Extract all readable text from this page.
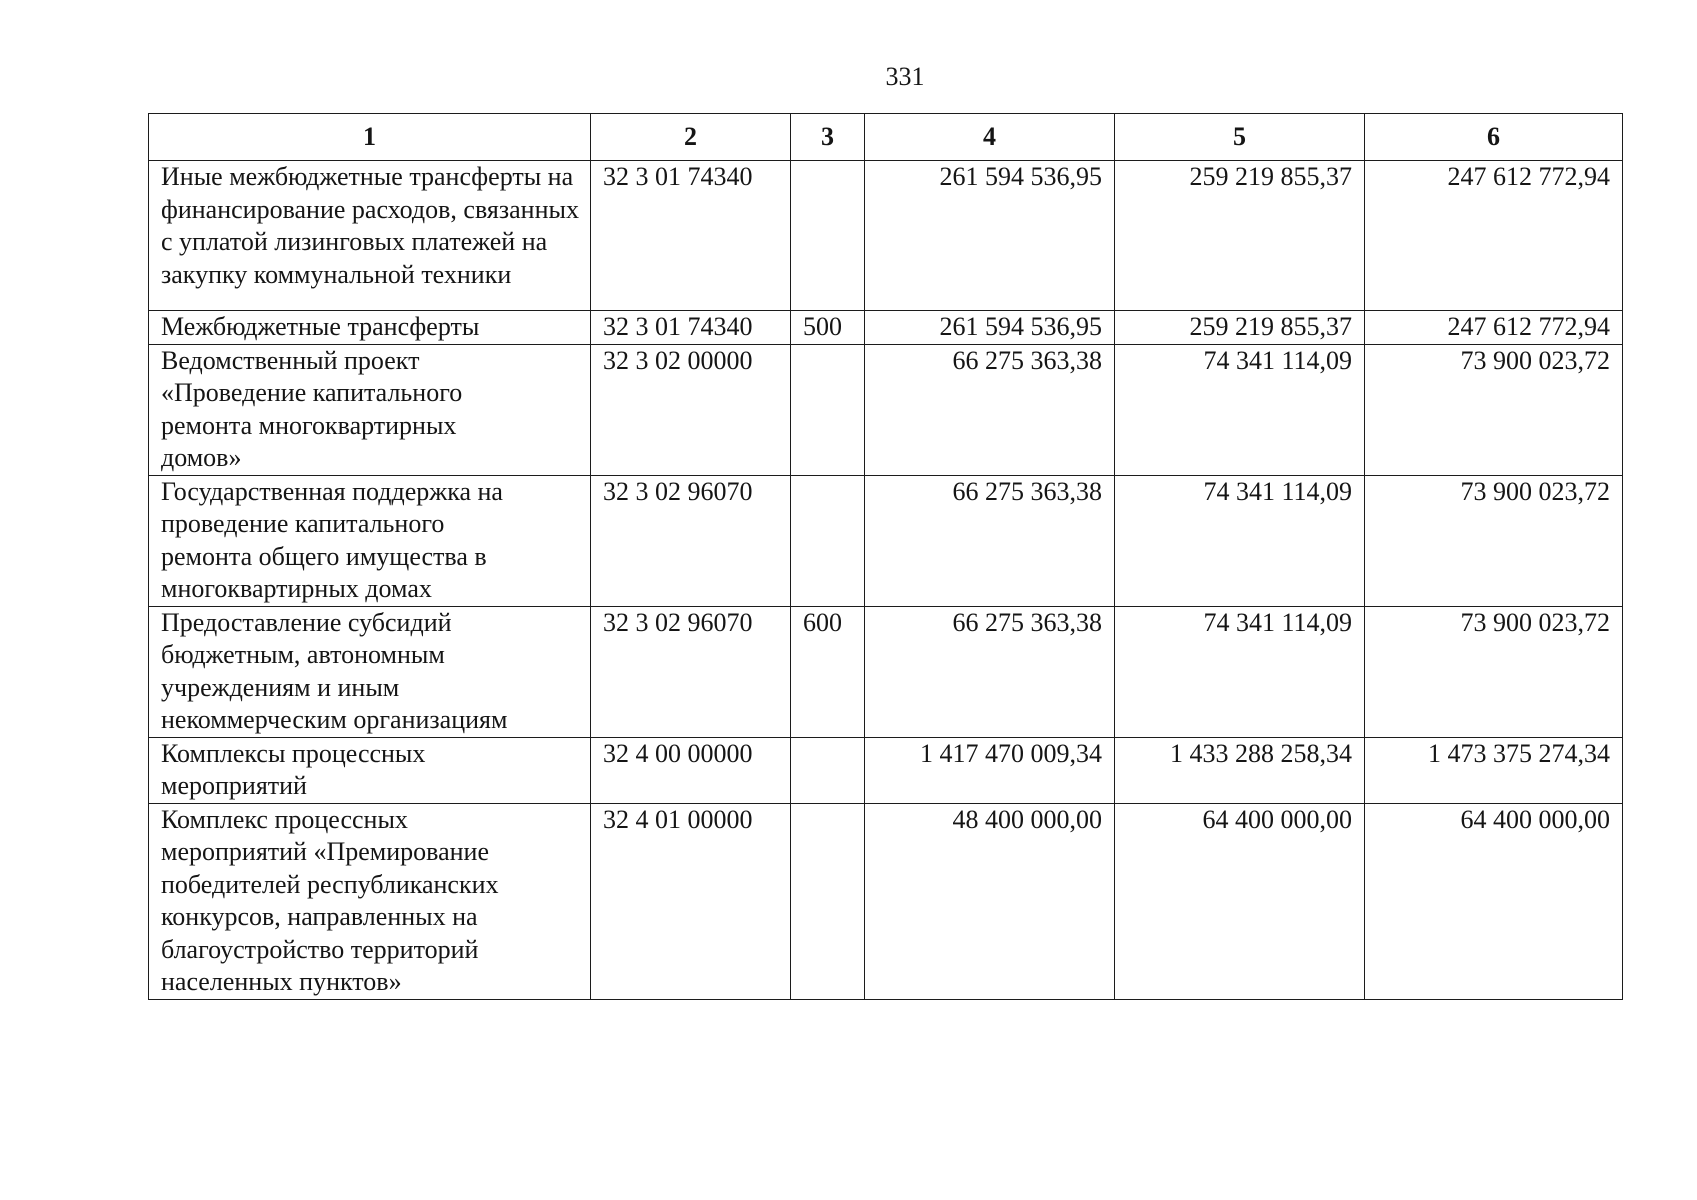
331
1	2	3	4	5	6
Иные межбюджетные трансферты на финансирование расходов, связанных с уплатой лизинговых платежей на закупку коммунальной техники	32 3 01 74340		261 594 536,95	259 219 855,37	247 612 772,94
Межбюджетные трансферты	32 3 01 74340	500	261 594 536,95	259 219 855,37	247 612 772,94
Ведомственный проект «Проведение капитального ремонта многоквартирных домов»	32 3 02 00000		66 275 363,38	74 341 114,09	73 900 023,72
Государственная поддержка на проведение капитального ремонта общего имущества в многоквартирных домах	32 3 02 96070		66 275 363,38	74 341 114,09	73 900 023,72
Предоставление субсидий бюджетным, автономным учреждениям и иным некоммерческим организациям	32 3 02 96070	600	66 275 363,38	74 341 114,09	73 900 023,72
Комплексы процессных мероприятий	32 4 00 00000		1 417 470 009,34	1 433 288 258,34	1 473 375 274,34
Комплекс процессных мероприятий «Премирование победителей республиканских конкурсов, направленных на благоустройство территорий населенных пунктов»	32 4 01 00000		48 400 000,00	64 400 000,00	64 400 000,00
